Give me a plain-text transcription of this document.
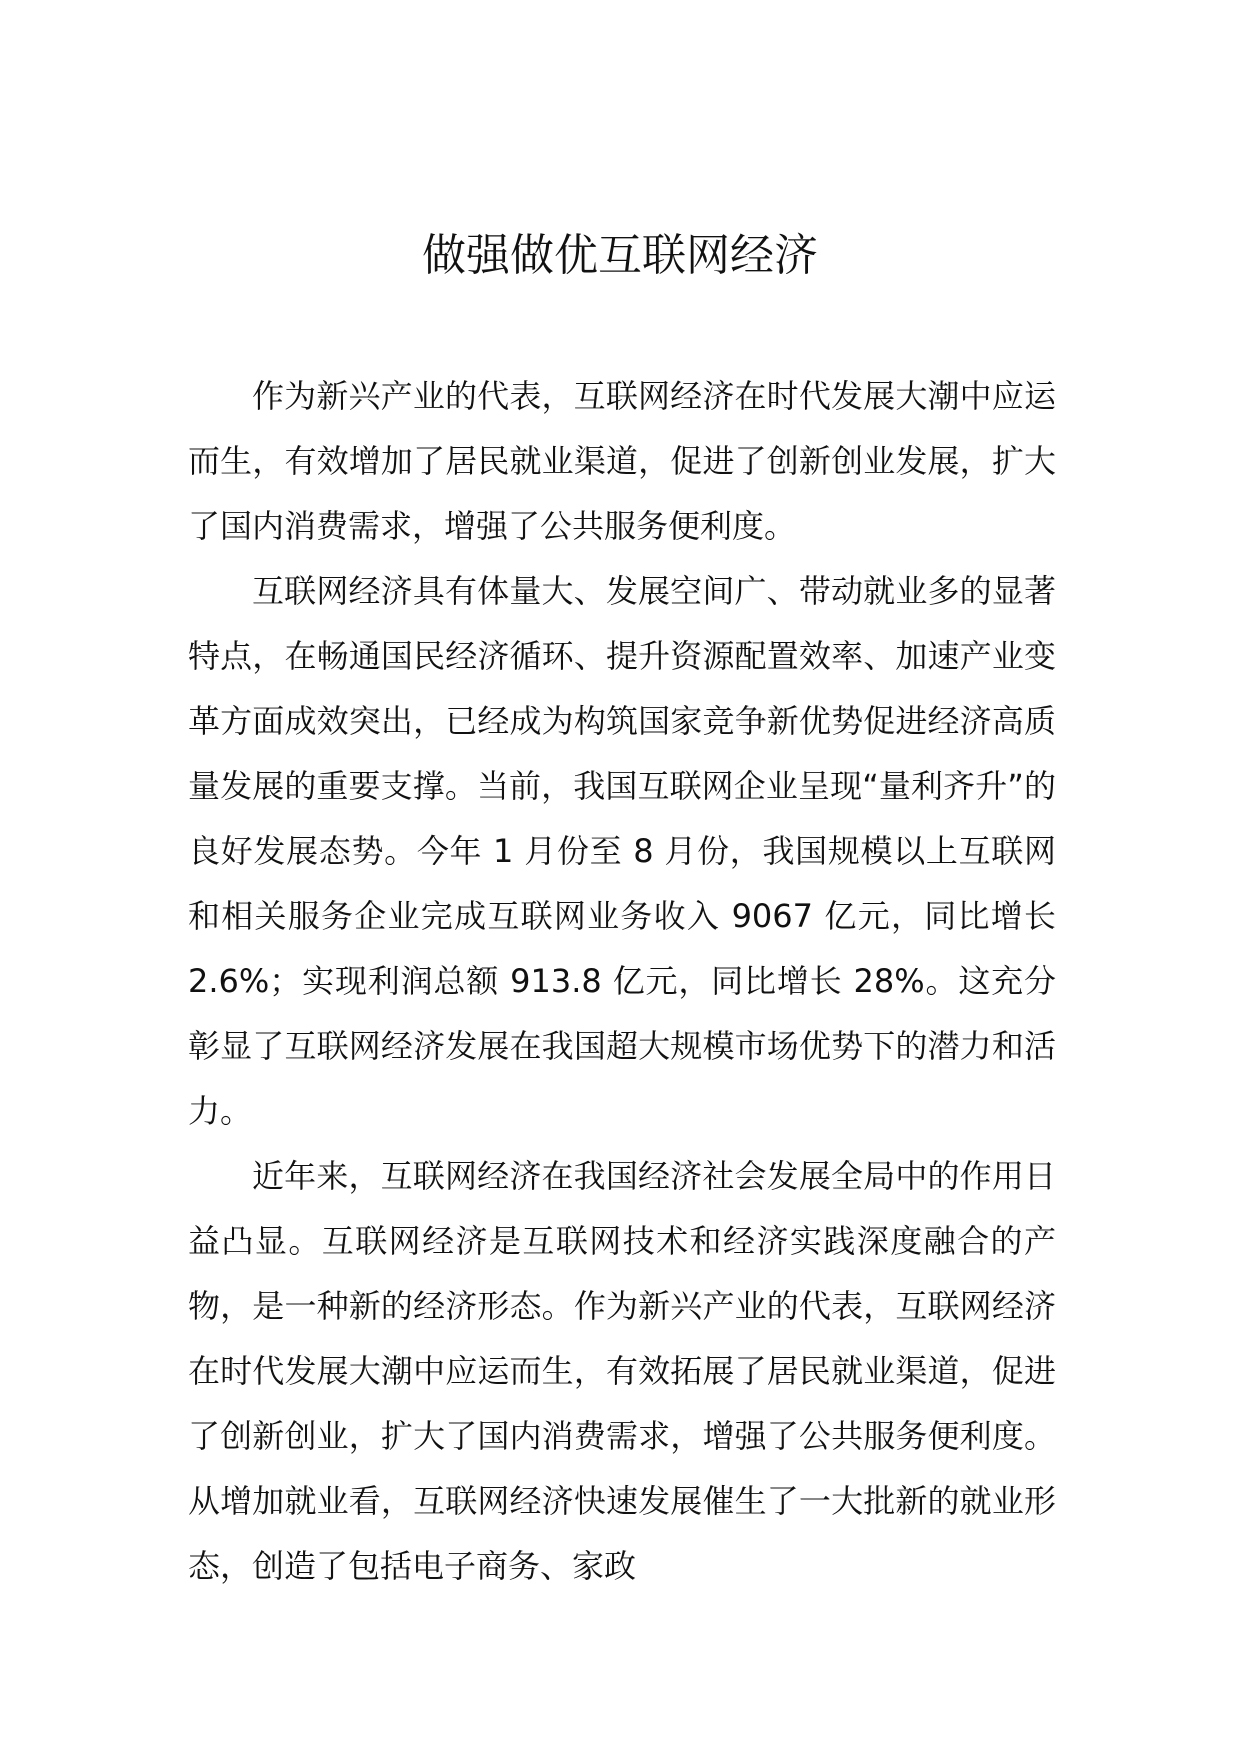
做强做优互联网经济

作为新兴产业的代表，互联网经济在时代发展大潮中应运而生，有效增加了居民就业渠道，促进了创新创业发展，扩大了国内消费需求，增强了公共服务便利度。

互联网经济具有体量大、发展空间广、带动就业多的显著特点，在畅通国民经济循环、提升资源配置效率、加速产业变革方面成效突出，已经成为构筑国家竞争新优势促进经济高质量发展的重要支撑。当前，我国互联网企业呈现“量利齐升”的良好发展态势。今年 1 月份至 8 月份，我国规模以上互联网和相关服务企业完成互联网业务收入 9067 亿元，同比增长 2.6%；实现利润总额 913.8 亿元，同比增长 28%。这充分彰显了互联网经济发展在我国超大规模市场优势下的潜力和活力。

近年来，互联网经济在我国经济社会发展全局中的作用日益凸显。互联网经济是互联网技术和经济实践深度融合的产物，是一种新的经济形态。作为新兴产业的代表，互联网经济在时代发展大潮中应运而生，有效拓展了居民就业渠道，促进了创新创业，扩大了国内消费需求，增强了公共服务便利度。从增加就业看，互联网经济快速发展催生了一大批新的就业形态，创造了包括电子商务、家政
